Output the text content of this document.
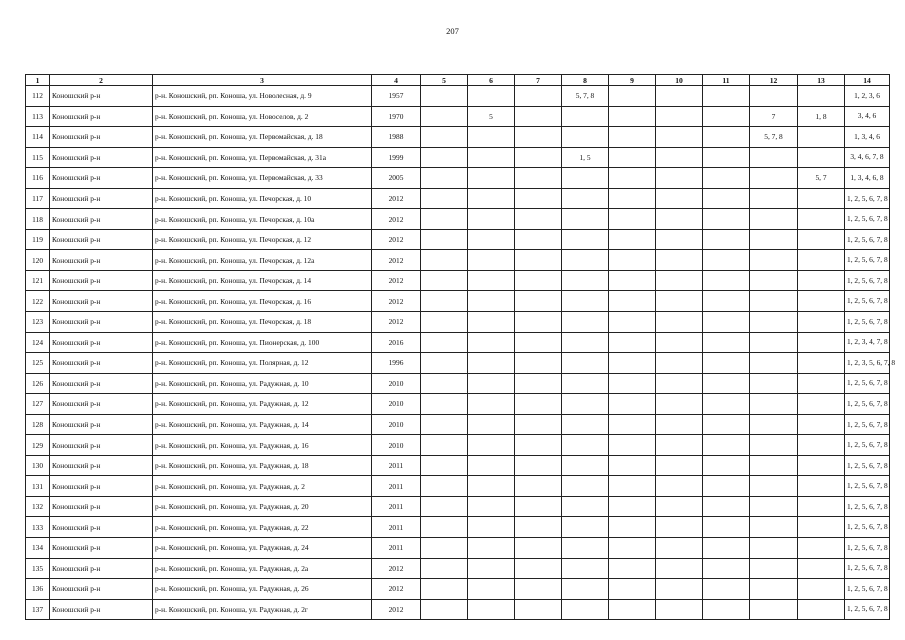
207
1	2	3	4	5	6	7	8	9	10	11	12	13	14
112	Коношский р-н	р-н. Коношский, рп. Коноша, ул. Новолесная, д. 9	1957				5, 7, 8						1, 2, 3, 6
113	Коношский р-н	р-н. Коношский, рп. Коноша, ул. Новоселов, д. 2	1970		5						7	1, 8	3, 4, 6
114	Коношский р-н	р-н. Коношский, рп. Коноша, ул. Первомайская, д. 18	1988								5, 7, 8		1, 3, 4, 6
115	Коношский р-н	р-н. Коношский, рп. Коноша, ул. Первомайская, д. 31а	1999				1, 5						3, 4, 6, 7, 8
116	Коношский р-н	р-н. Коношский, рп. Коноша, ул. Первомайская, д. 33	2005									5, 7	1, 3, 4, 6, 8
117	Коношский р-н	р-н. Коношский, рп. Коноша, ул. Печорская, д. 10	2012										1, 2, 5, 6, 7, 8
118	Коношский р-н	р-н. Коношский, рп. Коноша, ул. Печорская, д. 10а	2012										1, 2, 5, 6, 7, 8
119	Коношский р-н	р-н. Коношский, рп. Коноша, ул. Печорская, д. 12	2012										1, 2, 5, 6, 7, 8
120	Коношский р-н	р-н. Коношский, рп. Коноша, ул. Печорская, д. 12а	2012										1, 2, 5, 6, 7, 8
121	Коношский р-н	р-н. Коношский, рп. Коноша, ул. Печорская, д. 14	2012										1, 2, 5, 6, 7, 8
122	Коношский р-н	р-н. Коношский, рп. Коноша, ул. Печорская, д. 16	2012										1, 2, 5, 6, 7, 8
123	Коношский р-н	р-н. Коношский, рп. Коноша, ул. Печорская, д. 18	2012										1, 2, 5, 6, 7, 8
124	Коношский р-н	р-н. Коношский, рп. Коноша, ул. Пионерская, д. 100	2016										1, 2, 3, 4, 7, 8
125	Коношский р-н	р-н. Коношский, рп. Коноша, ул. Полярная, д. 12	1996										1, 2, 3, 5, 6, 7, 8
126	Коношский р-н	р-н. Коношский, рп. Коноша, ул. Радужная, д. 10	2010										1, 2, 5, 6, 7, 8
127	Коношский р-н	р-н. Коношский, рп. Коноша, ул. Радужная, д. 12	2010										1, 2, 5, 6, 7, 8
128	Коношский р-н	р-н. Коношский, рп. Коноша, ул. Радужная, д. 14	2010										1, 2, 5, 6, 7, 8
129	Коношский р-н	р-н. Коношский, рп. Коноша, ул. Радужная, д. 16	2010										1, 2, 5, 6, 7, 8
130	Коношский р-н	р-н. Коношский, рп. Коноша, ул. Радужная, д. 18	2011										1, 2, 5, 6, 7, 8
131	Коношский р-н	р-н. Коношский, рп. Коноша, ул. Радужная, д. 2	2011										1, 2, 5, 6, 7, 8
132	Коношский р-н	р-н. Коношский, рп. Коноша, ул. Радужная, д. 20	2011										1, 2, 5, 6, 7, 8
133	Коношский р-н	р-н. Коношский, рп. Коноша, ул. Радужная, д. 22	2011										1, 2, 5, 6, 7, 8
134	Коношский р-н	р-н. Коношский, рп. Коноша, ул. Радужная, д. 24	2011										1, 2, 5, 6, 7, 8
135	Коношский р-н	р-н. Коношский, рп. Коноша, ул. Радужная, д. 2а	2012										1, 2, 5, 6, 7, 8
136	Коношский р-н	р-н. Коношский, рп. Коноша, ул. Радужная, д. 26	2012										1, 2, 5, 6, 7, 8
137	Коношский р-н	р-н. Коношский, рп. Коноша, ул. Радужная, д. 2г	2012										1, 2, 5, 6, 7, 8
